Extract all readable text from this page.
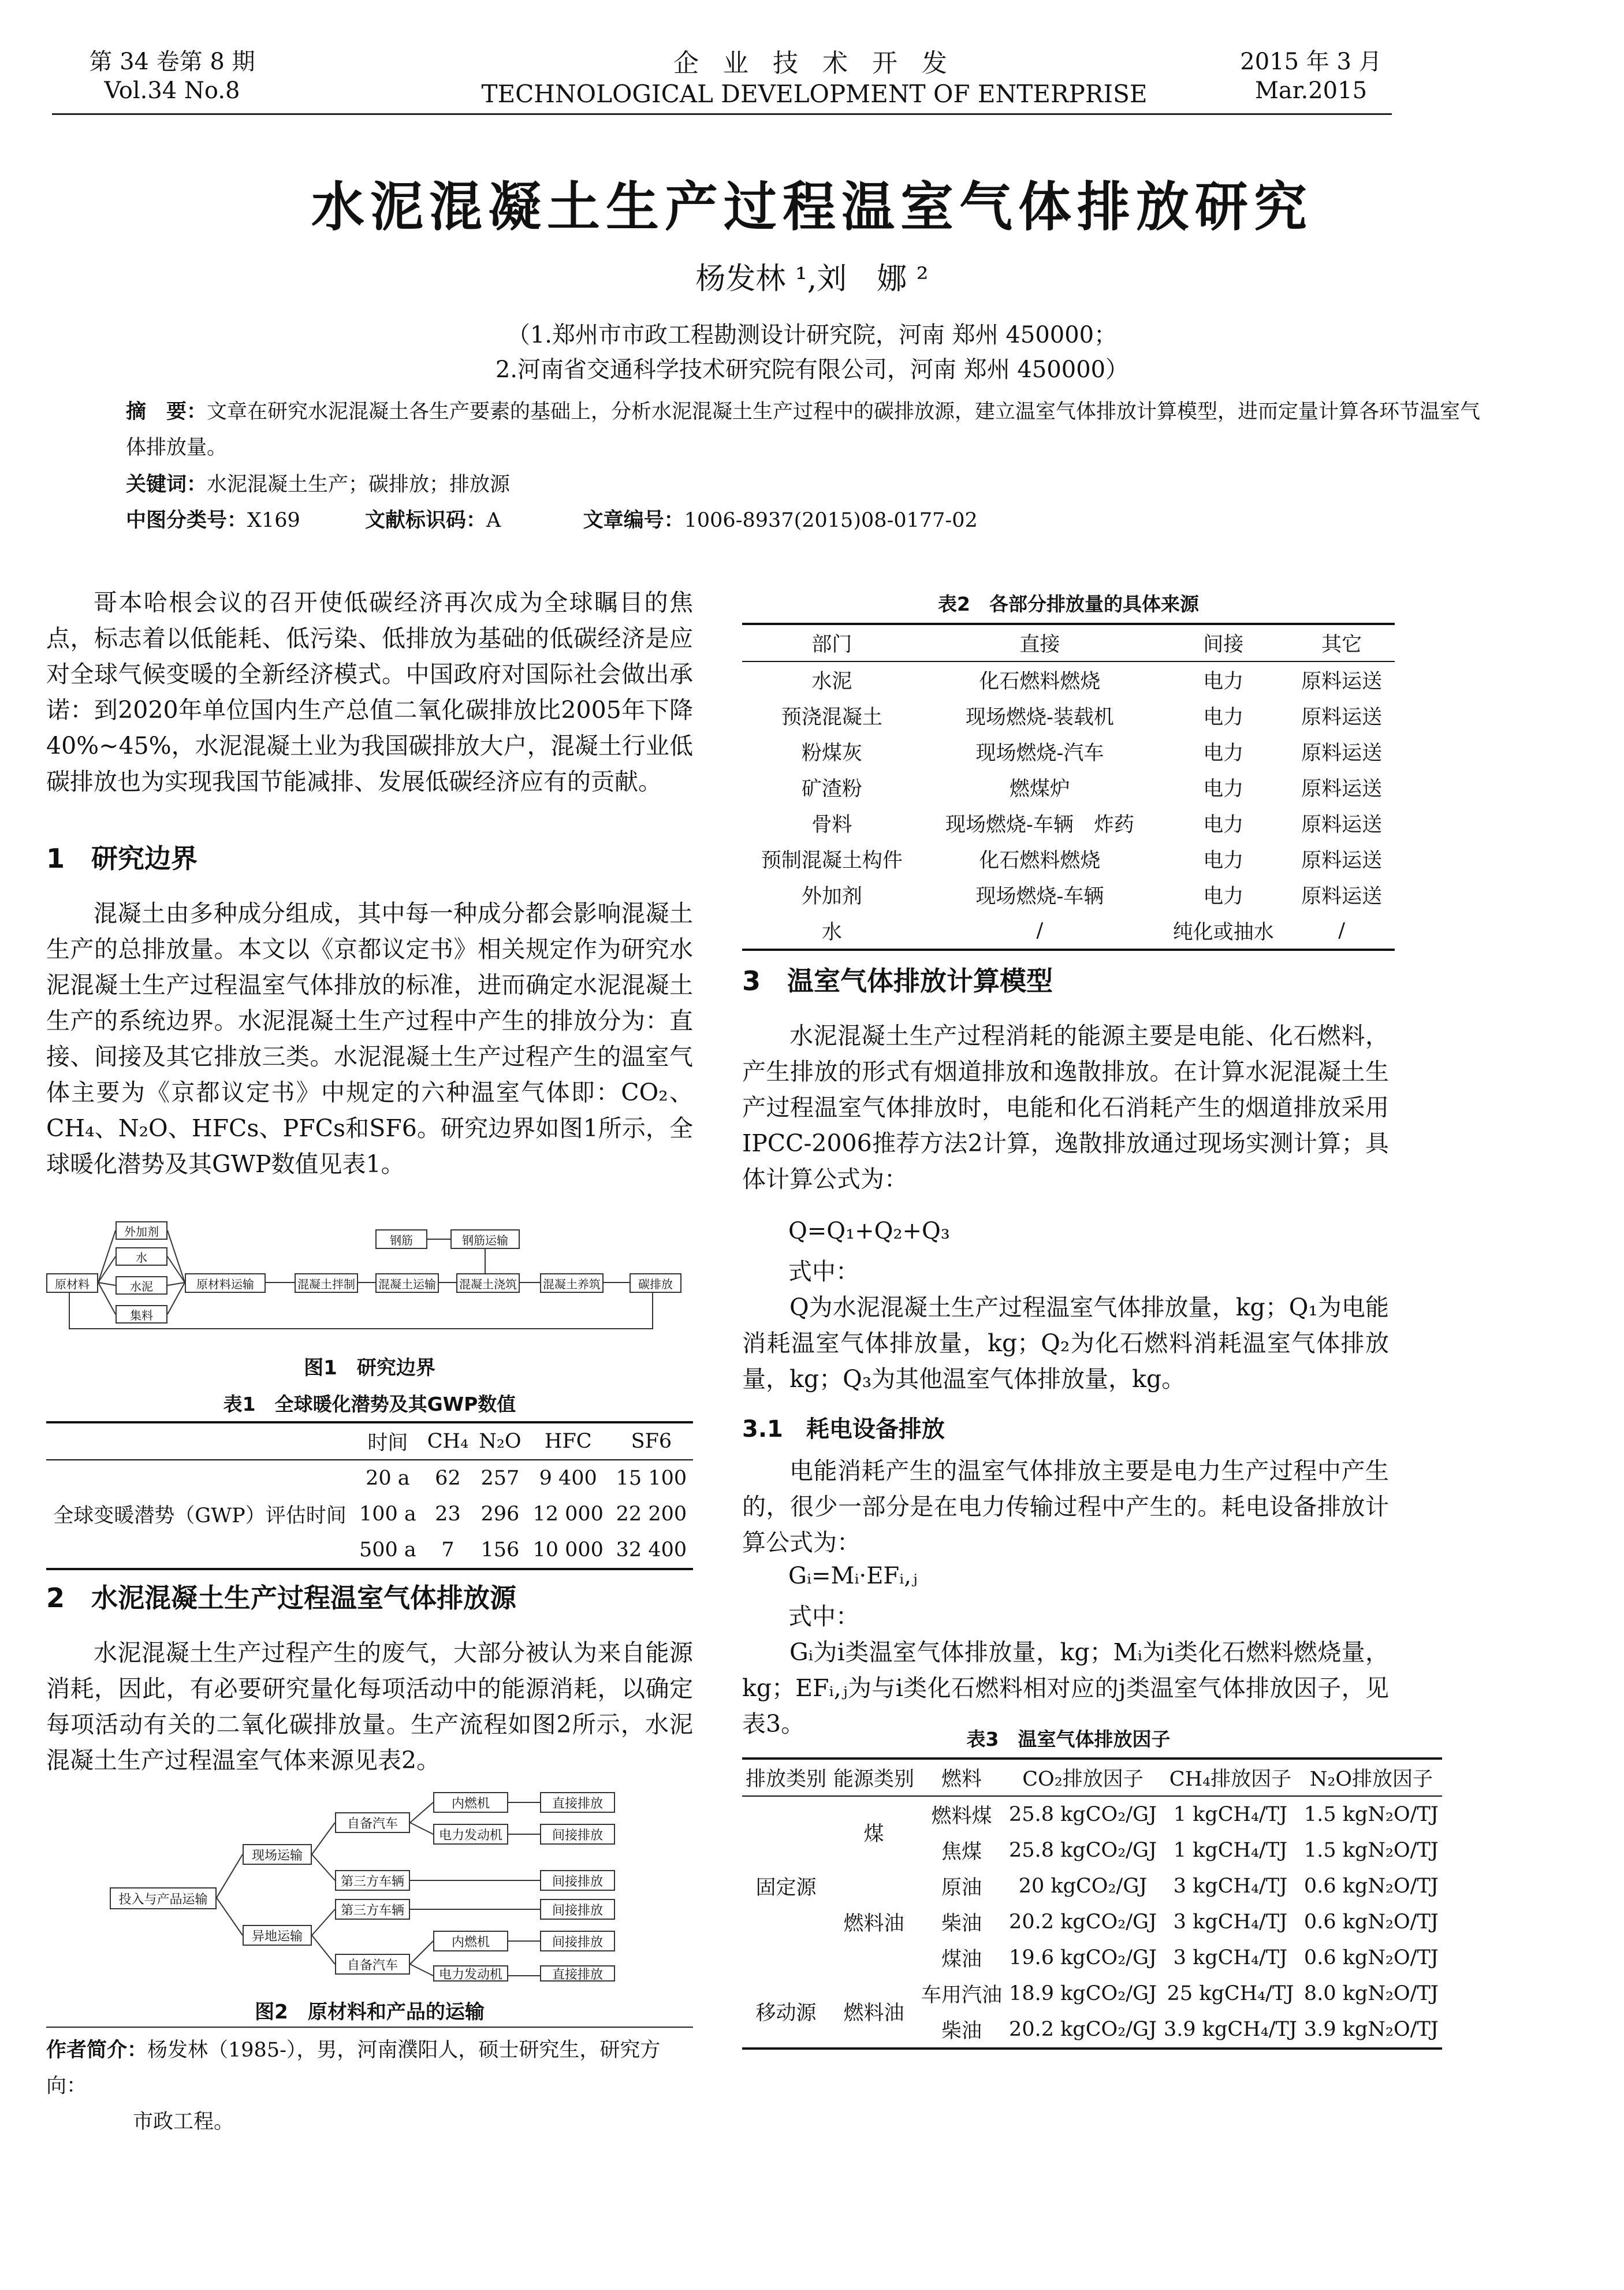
第 34 卷第 8 期
Vol.34 No.8
企 业 技 术 开 发
TECHNOLOGICAL DEVELOPMENT OF ENTERPRISE
2015 年 3 月
Mar.2015
水泥混凝土生产过程温室气体排放研究
杨发林 ¹,刘　娜 ²
（1.郑州市市政工程勘测设计研究院，河南 郑州 450000；
2.河南省交通科学技术研究院有限公司，河南 郑州 450000）
摘　要：文章在研究水泥混凝土各生产要素的基础上，分析水泥混凝土生产过程中的碳排放源，建立温室气体排放计算模型，进而定量计算各环节温室气体排放量。
关键词：水泥混凝土生产；碳排放；排放源
中图分类号：X169	文献标识码：A	文章编号：1006-8937(2015)08-0177-02

哥本哈根会议的召开使低碳经济再次成为全球瞩目的焦点，标志着以低能耗、低污染、低排放为基础的低碳经济是应对全球气候变暖的全新经济模式。中国政府对国际社会做出承诺：到2020年单位国内生产总值二氧化碳排放比2005年下降40%~45%，水泥混凝土业为我国碳排放大户，混凝土行业低碳排放也为实现我国节能减排、发展低碳经济应有的贡献。

1　研究边界

混凝土由多种成分组成，其中每一种成分都会影响混凝土生产的总排放量。本文以《京都议定书》相关规定作为研究水泥混凝土生产过程温室气体排放的标准，进而确定水泥混凝土生产的系统边界。水泥混凝土生产过程中产生的排放分为：直接、间接及其它排放三类。水泥混凝土生产过程产生的温室气体主要为《京都议定书》中规定的六种温室气体即：CO₂、CH₄、N₂O、HFCs、PFCs和SF6。研究边界如图1所示，全球暖化潜势及其GWP数值见表1。

原材料
外加剂
水
水泥
集料
原材料运输	混凝土拌制 混凝土运输 混凝土浇筑 混凝土养筑	碳排放
钢筋	钢筋运输
图1　研究边界
表1　全球暖化潜势及其GWP数值
	时间	CH₄	N₂O	HFC	SF6
全球变暖潜势（GWP）评估时间	20 a	62	257	9 400	15 100
	100 a	23	296	12 000	22 200
	500 a	7	156	10 000	32 400
2　水泥混凝土生产过程温室气体排放源

水泥混凝土生产过程产生的废气，大部分被认为来自能源消耗，因此，有必要研究量化每项活动中的能源消耗，以确定每项活动有关的二氧化碳排放量。生产流程如图2所示，水泥混凝土生产过程温室气体来源见表2。

投入与产品运输
现场运输
异地运输
自备汽车
第三方车辆
第三方车辆
自备汽车
内燃机
电力发动机
内燃机
电力发动机
直接排放
间接排放
间接排放
间接排放
间接排放
直接排放
图2　原材料和产品的运输
作者简介：杨发林（1985-），男，河南濮阳人，硕士研究生，研究方向：
市政工程。
表2　各部分排放量的具体来源
部门	直接	间接	其它
水泥	化石燃料燃烧	电力	原料运送
预浇混凝土	现场燃烧-装载机	电力	原料运送
粉煤灰	现场燃烧-汽车	电力	原料运送
矿渣粉	燃煤炉	电力	原料运送
骨料	现场燃烧-车辆　炸药	电力	原料运送
预制混凝土构件	化石燃料燃烧	电力	原料运送
外加剂	现场燃烧-车辆	电力	原料运送
水	/	纯化或抽水	/
3　温室气体排放计算模型

水泥混凝土生产过程消耗的能源主要是电能、化石燃料，产生排放的形式有烟道排放和逸散排放。在计算水泥混凝土生产过程温室气体排放时，电能和化石消耗产生的烟道排放采用IPCC-2006推荐方法2计算，逸散排放通过现场实测计算；具体计算公式为：

Q=Q₁+Q₂+Q₃
式中：

Q为水泥混凝土生产过程温室气体排放量，kg；Q₁为电能消耗温室气体排放量，kg；Q₂为化石燃料消耗温室气体排放量，kg；Q₃为其他温室气体排放量，kg。

3.1　耗电设备排放

电能消耗产生的温室气体排放主要是电力生产过程中产生的，很少一部分是在电力传输过程中产生的。耗电设备排放计算公式为：

Gᵢ=Mᵢ·EFᵢ,ⱼ
式中：

Gᵢ为i类温室气体排放量，kg；Mᵢ为i类化石燃料燃烧量，kg；EFᵢ,ⱼ为与i类化石燃料相对应的j类温室气体排放因子，见表3。

表3　温室气体排放因子
排放类别	能源类别	燃料	CO₂排放因子	CH₄排放因子	N₂O排放因子
固定源	煤	燃料煤	25.8 kgCO₂/GJ	1 kgCH₄/TJ	1.5 kgN₂O/TJ
		焦煤	25.8 kgCO₂/GJ	1 kgCH₄/TJ	1.5 kgN₂O/TJ
	燃料油	原油	20 kgCO₂/GJ	3 kgCH₄/TJ	0.6 kgN₂O/TJ
		柴油	20.2 kgCO₂/GJ	3 kgCH₄/TJ	0.6 kgN₂O/TJ
		煤油	19.6 kgCO₂/GJ	3 kgCH₄/TJ	0.6 kgN₂O/TJ
移动源	燃料油	车用汽油	18.9 kgCO₂/GJ	25 kgCH₄/TJ	8.0 kgN₂O/TJ
		柴油	20.2 kgCO₂/GJ	3.9 kgCH₄/TJ	3.9 kgN₂O/TJ
